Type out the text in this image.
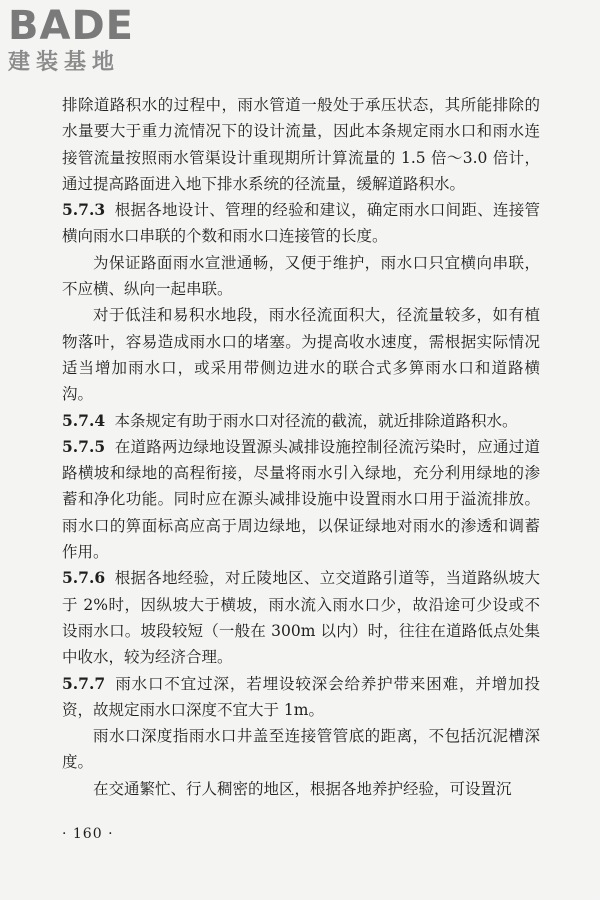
BADE
建装基地

排除道路积水的过程中，雨水管道一般处于承压状态，其所能排除的水量要大于重力流情况下的设计流量，因此本条规定雨水口和雨水连接管流量按照雨水管渠设计重现期所计算流量的 1.5 倍～3.0 倍计，通过提高路面进入地下排水系统的径流量，缓解道路积水。

5.7.3 根据各地设计、管理的经验和建议，确定雨水口间距、连接管横向雨水口串联的个数和雨水口连接管的长度。

为保证路面雨水宣泄通畅，又便于维护，雨水口只宜横向串联，不应横、纵向一起串联。

对于低洼和易积水地段，雨水径流面积大，径流量较多，如有植物落叶，容易造成雨水口的堵塞。为提高收水速度，需根据实际情况适当增加雨水口，或采用带侧边进水的联合式多箅雨水口和道路横沟。

5.7.4 本条规定有助于雨水口对径流的截流，就近排除道路积水。

5.7.5 在道路两边绿地设置源头减排设施控制径流污染时，应通过道路横坡和绿地的高程衔接，尽量将雨水引入绿地，充分利用绿地的渗蓄和净化功能。同时应在源头减排设施中设置雨水口用于溢流排放。雨水口的箅面标高应高于周边绿地，以保证绿地对雨水的渗透和调蓄作用。

5.7.6 根据各地经验，对丘陵地区、立交道路引道等，当道路纵坡大于 2%时，因纵坡大于横坡，雨水流入雨水口少，故沿途可少设或不设雨水口。坡段较短（一般在 300m 以内）时，往往在道路低点处集中收水，较为经济合理。

5.7.7 雨水口不宜过深，若埋设较深会给养护带来困难，并增加投资，故规定雨水口深度不宜大于 1m。

雨水口深度指雨水口井盖至连接管管底的距离，不包括沉泥槽深度。

在交通繁忙、行人稠密的地区，根据各地养护经验，可设置沉

· 160 ·
